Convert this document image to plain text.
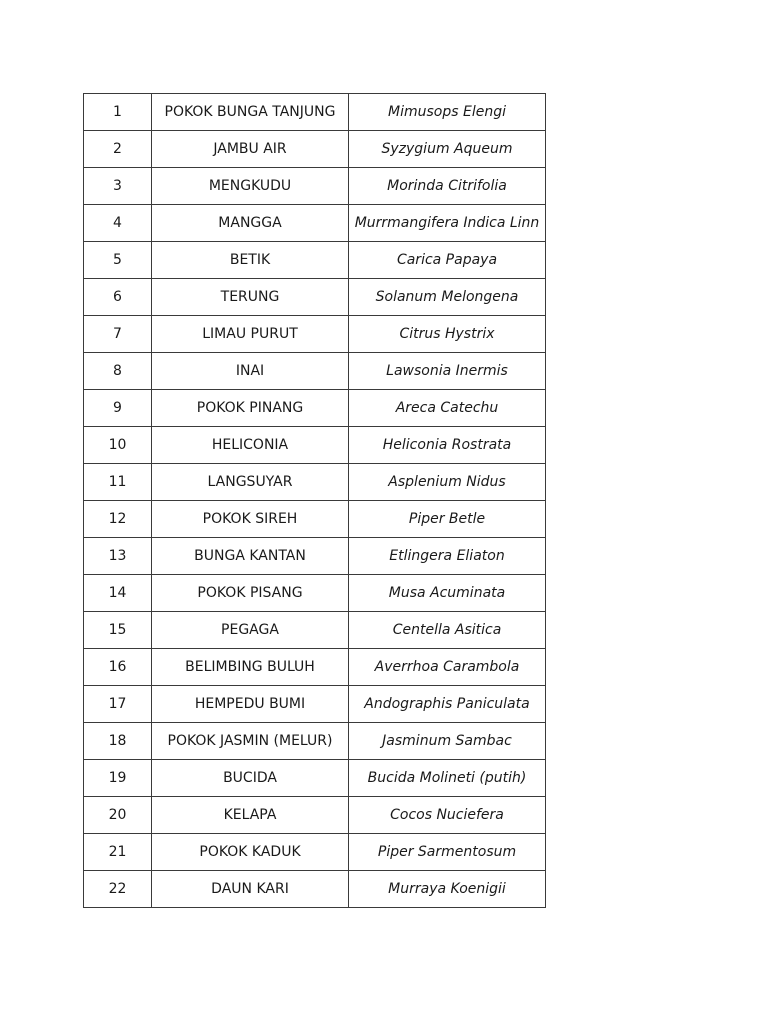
1	POKOK BUNGA TANJUNG	Mimusops Elengi
2	JAMBU AIR	Syzygium Aqueum
3	MENGKUDU	Morinda Citrifolia
4	MANGGA	Murrmangifera Indica Linn
5	BETIK	Carica Papaya
6	TERUNG	Solanum Melongena
7	LIMAU PURUT	Citrus Hystrix
8	INAI	Lawsonia Inermis
9	POKOK PINANG	Areca Catechu
10	HELICONIA	Heliconia Rostrata
11	LANGSUYAR	Asplenium Nidus
12	POKOK SIREH	Piper Betle
13	BUNGA KANTAN	Etlingera Eliaton
14	POKOK PISANG	Musa Acuminata
15	PEGAGA	Centella Asitica
16	BELIMBING BULUH	Averrhoa Carambola
17	HEMPEDU BUMI	Andographis Paniculata
18	POKOK JASMIN (MELUR)	Jasminum Sambac
19	BUCIDA	Bucida Molineti (putih)
20	KELAPA	Cocos Nuciefera
21	POKOK KADUK	Piper Sarmentosum
22	DAUN KARI	Murraya Koenigii
